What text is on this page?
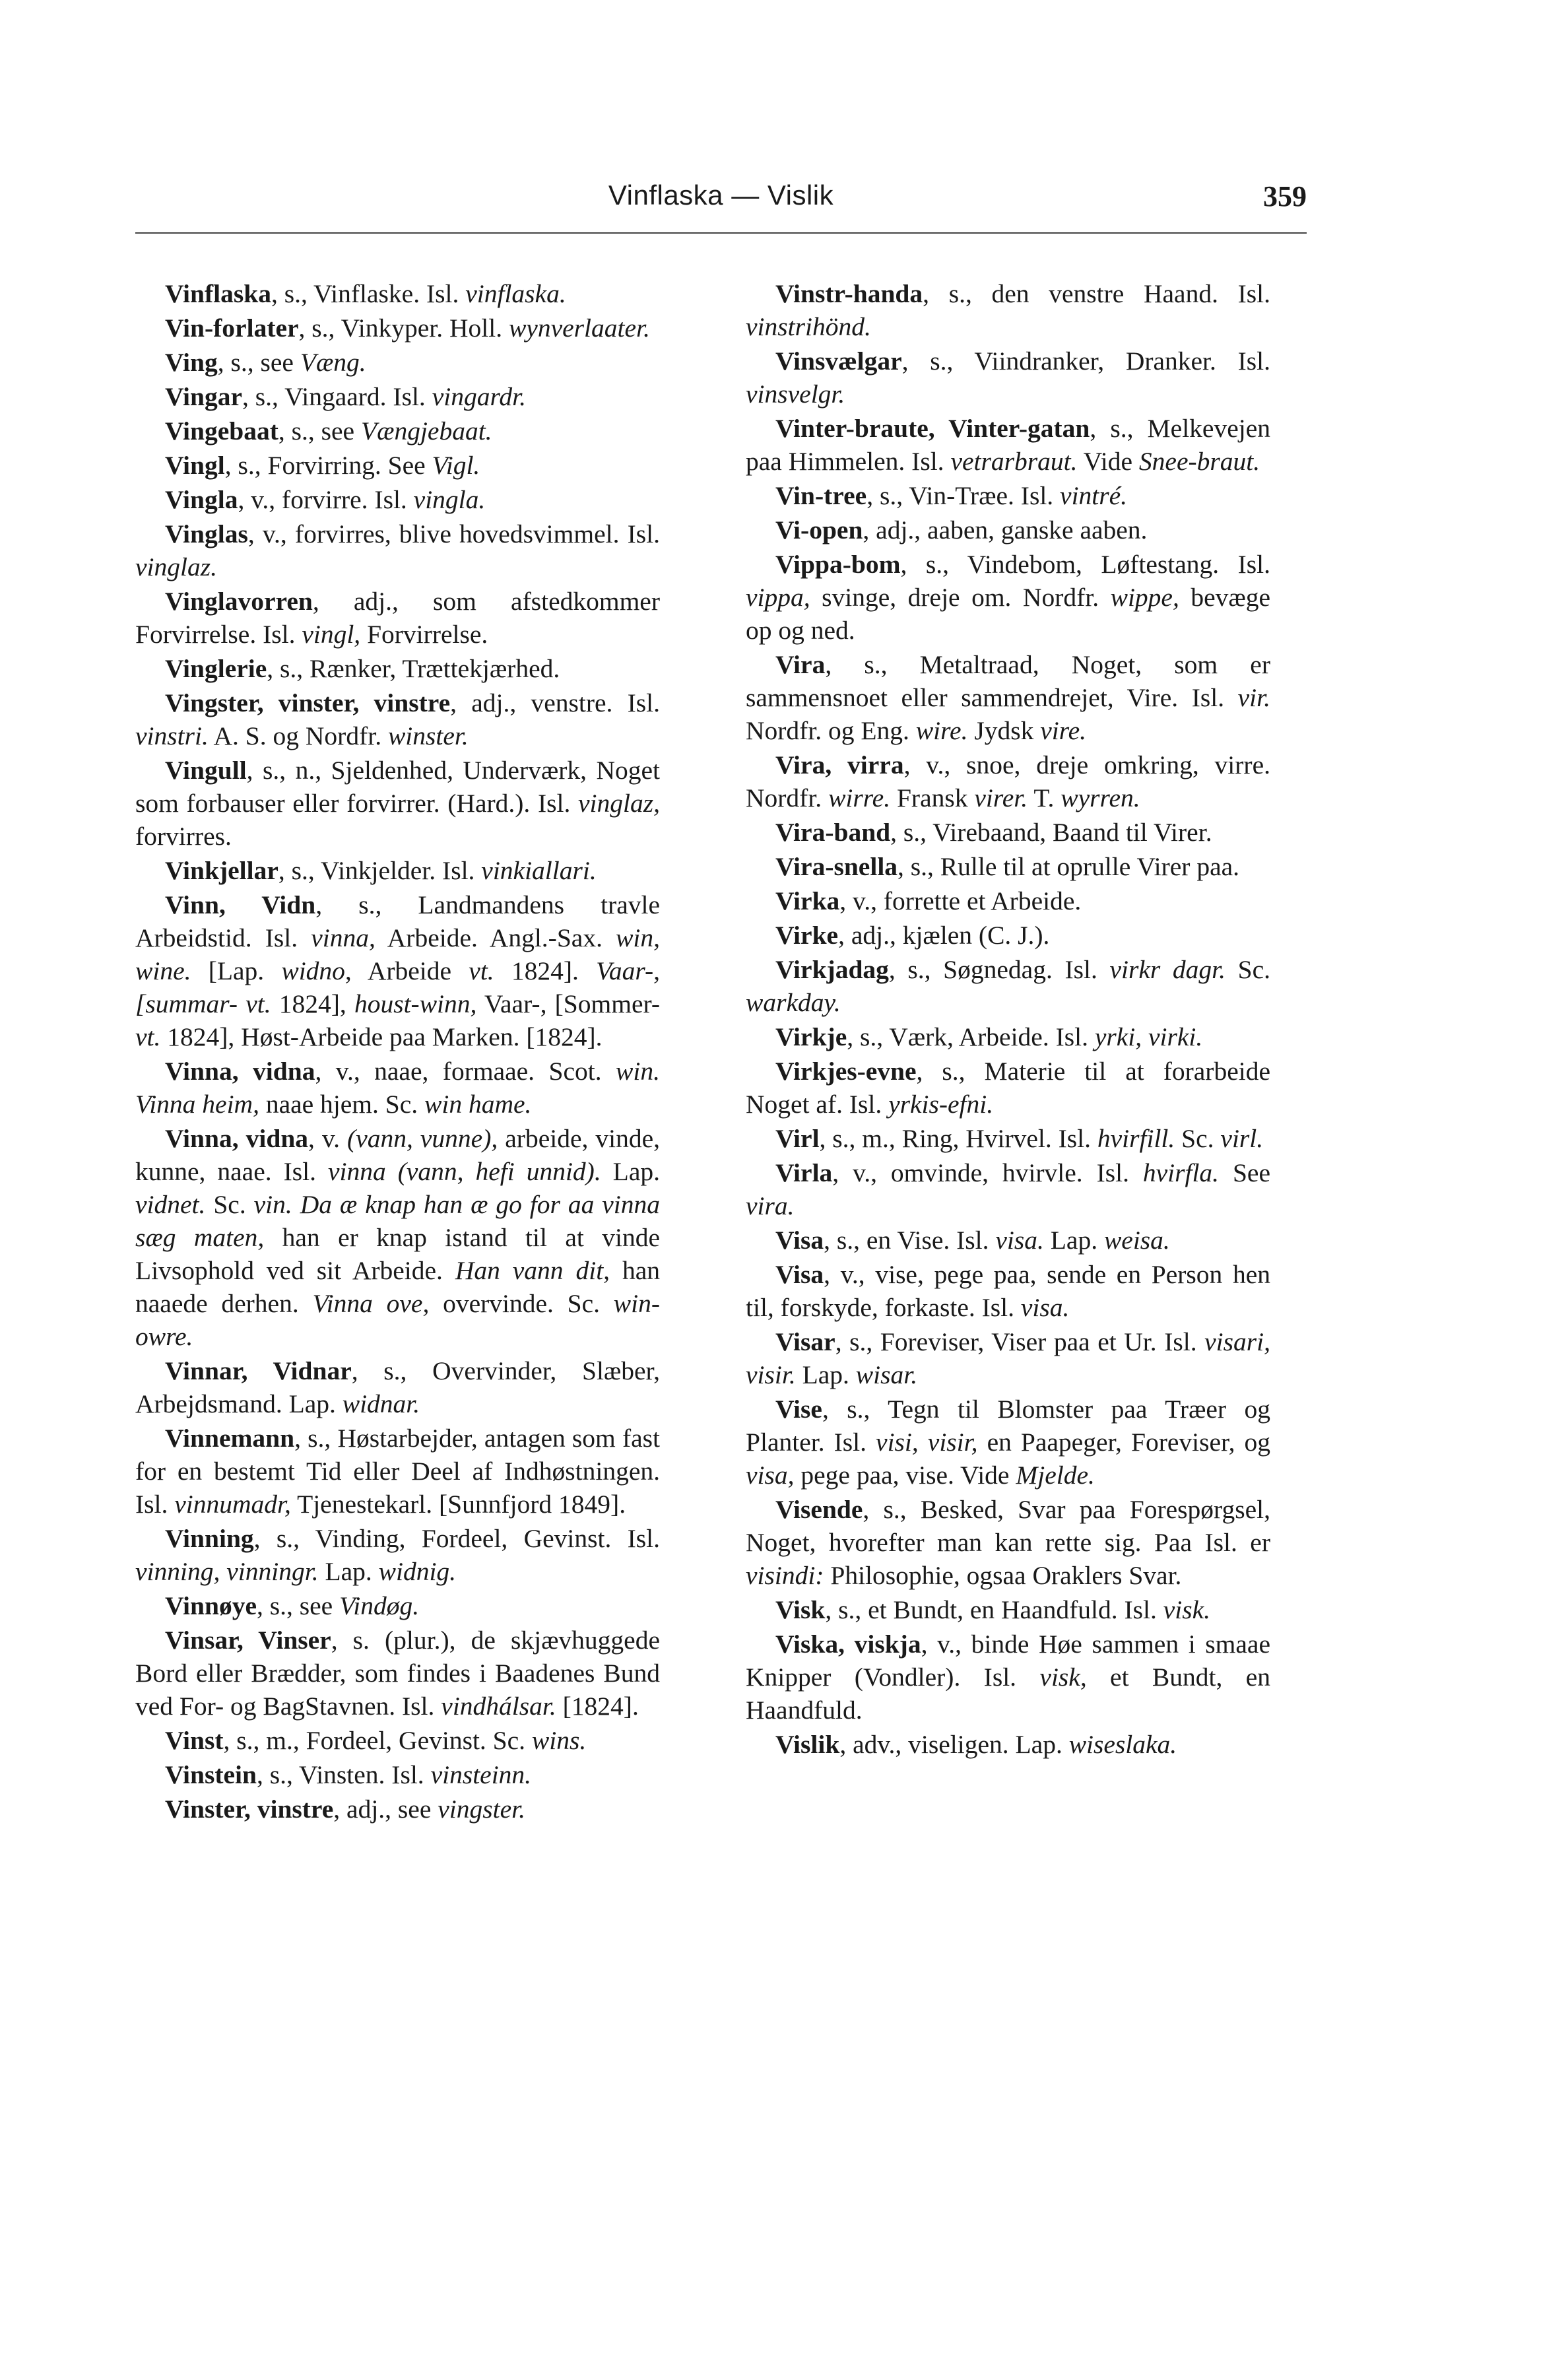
Vinflaska — Vislik	359

Vinflaska, s., Vinflaske. Isl. vinflaska.

Vin-forlater, s., Vinkyper. Holl. wynverlaater.

Ving, s., see Væng.

Vingar, s., Vingaard. Isl. vingardr.

Vingebaat, s., see Vængjebaat.

Vingl, s., Forvirring. See Vigl.

Vingla, v., forvirre. Isl. vingla.

Vinglas, v., forvirres, blive hovedsvimmel. Isl. vinglaz.

Vinglavorren, adj., som afstedkommer Forvirrelse. Isl. vingl, Forvirrelse.

Vinglerie, s., Rænker, Trættekjærhed.

Vingster, vinster, vinstre, adj., venstre. Isl. vinstri. A. S. og Nordfr. winster.

Vingull, s., n., Sjeldenhed, Underværk, Noget som forbauser eller forvirrer. (Hard.). Isl. vinglaz, forvirres.

Vinkjellar, s., Vinkjelder. Isl. vinkiallari.

Vinn, Vidn, s., Landmandens travle Arbeidstid. Isl. vinna, Arbeide. Angl.-Sax. win, wine. [Lap. widno, Arbeide vt. 1824]. Vaar-, [summar- vt. 1824], houst-winn, Vaar-, [Sommer- vt. 1824], Høst-Arbeide paa Marken. [1824].

Vinna, vidna, v., naae, formaae. Scot. win. Vinna heim, naae hjem. Sc. win hame.

Vinna, vidna, v. (vann, vunne), arbeide, vinde, kunne, naae. Isl. vinna (vann, hefi unnid). Lap. vidnet. Sc. vin. Da æ knap han æ go for aa vinna sæg maten, han er knap istand til at vinde Livsophold ved sit Arbeide. Han vann dit, han naaede derhen. Vinna ove, overvinde. Sc. win-owre.

Vinnar, Vidnar, s., Overvinder, Slæber, Arbejdsmand. Lap. widnar.

Vinnemann, s., Høstarbejder, antagen som fast for en bestemt Tid eller Deel af Indhøstningen. Isl. vinnumadr, Tjenestekarl. [Sunnfjord 1849].

Vinning, s., Vinding, Fordeel, Gevinst. Isl. vinning, vinningr. Lap. widnig.

Vinnøye, s., see Vindøg.

Vinsar, Vinser, s. (plur.), de skjævhuggede Bord eller Brædder, som findes i Baadenes Bund ved For- og BagStavnen. Isl. vindhálsar. [1824].

Vinst, s., m., Fordeel, Gevinst. Sc. wins.

Vinstein, s., Vinsten. Isl. vinsteinn.

Vinster, vinstre, adj., see vingster.

Vinstr-handa, s., den venstre Haand. Isl. vinstrihönd.

Vinsvælgar, s., Viindranker, Dranker. Isl. vinsvelgr.

Vinter-braute, Vinter-gatan, s., Melkevejen paa Himmelen. Isl. vetrarbraut. Vide Snee-braut.

Vin-tree, s., Vin-Træe. Isl. vintré.

Vi-open, adj., aaben, ganske aaben.

Vippa-bom, s., Vindebom, Løftestang. Isl. vippa, svinge, dreje om. Nordfr. wippe, bevæge op og ned.

Vira, s., Metaltraad, Noget, som er sammensnoet eller sammendrejet, Vire. Isl. vir. Nordfr. og Eng. wire. Jydsk vire.

Vira, virra, v., snoe, dreje omkring, virre. Nordfr. wirre. Fransk virer. T. wyrren.

Vira-band, s., Virebaand, Baand til Virer.

Vira-snella, s., Rulle til at oprulle Virer paa.

Virka, v., forrette et Arbeide.

Virke, adj., kjælen (C. J.).

Virkjadag, s., Søgnedag. Isl. virkr dagr. Sc. warkday.

Virkje, s., Værk, Arbeide. Isl. yrki, virki.

Virkjes-evne, s., Materie til at forarbeide Noget af. Isl. yrkis-efni.

Virl, s., m., Ring, Hvirvel. Isl. hvirfill. Sc. virl.

Virla, v., omvinde, hvirvle. Isl. hvirfla. See vira.

Visa, s., en Vise. Isl. visa. Lap. weisa.

Visa, v., vise, pege paa, sende en Person hen til, forskyde, forkaste. Isl. visa.

Visar, s., Foreviser, Viser paa et Ur. Isl. visari, visir. Lap. wisar.

Vise, s., Tegn til Blomster paa Træer og Planter. Isl. visi, visir, en Paapeger, Foreviser, og visa, pege paa, vise. Vide Mjelde.

Visende, s., Besked, Svar paa Forespørgsel, Noget, hvorefter man kan rette sig. Paa Isl. er visindi: Philosophie, ogsaa Oraklers Svar.

Visk, s., et Bundt, en Haandfuld. Isl. visk.

Viska, viskja, v., binde Høe sammen i smaae Knipper (Vondler). Isl. visk, et Bundt, en Haandfuld.

Vislik, adv., viseligen. Lap. wiseslaka.
